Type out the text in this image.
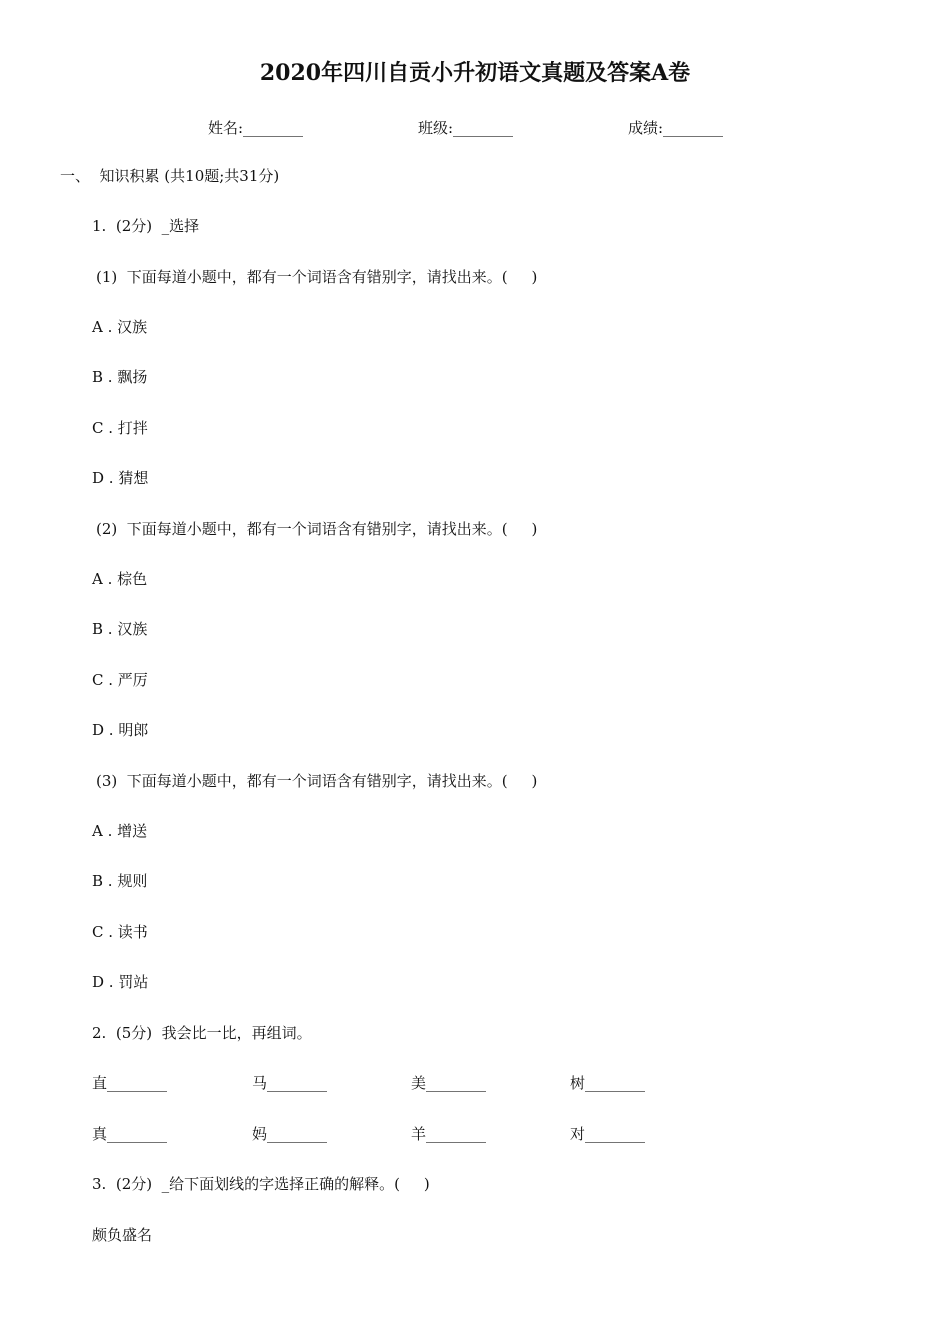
2020年四川自贡小升初语文真题及答案A卷
姓名:________	班级:________	成绩:________
一、  知识积累 (共10题;共31分)
1.  (2分)  _选择
(1)  下面每道小题中，都有一个词语含有错别字，请找出来。(     )
A . 汉族
B . 飘扬
C . 打拌
D . 猜想
(2)  下面每道小题中，都有一个词语含有错别字，请找出来。(     )
A . 棕色
B . 汉族
C . 严厉
D . 明郎
(3)  下面每道小题中，都有一个词语含有错别字，请找出来。(     )
A . 增送
B . 规则
C . 读书
D . 罚站
2.  (5分)  我会比一比，再组词。
直________	马________	美________	树________
真________	妈________	羊________	对________
3.  (2分)  _给下面划线的字选择正确的解释。(     )
颇负盛名
